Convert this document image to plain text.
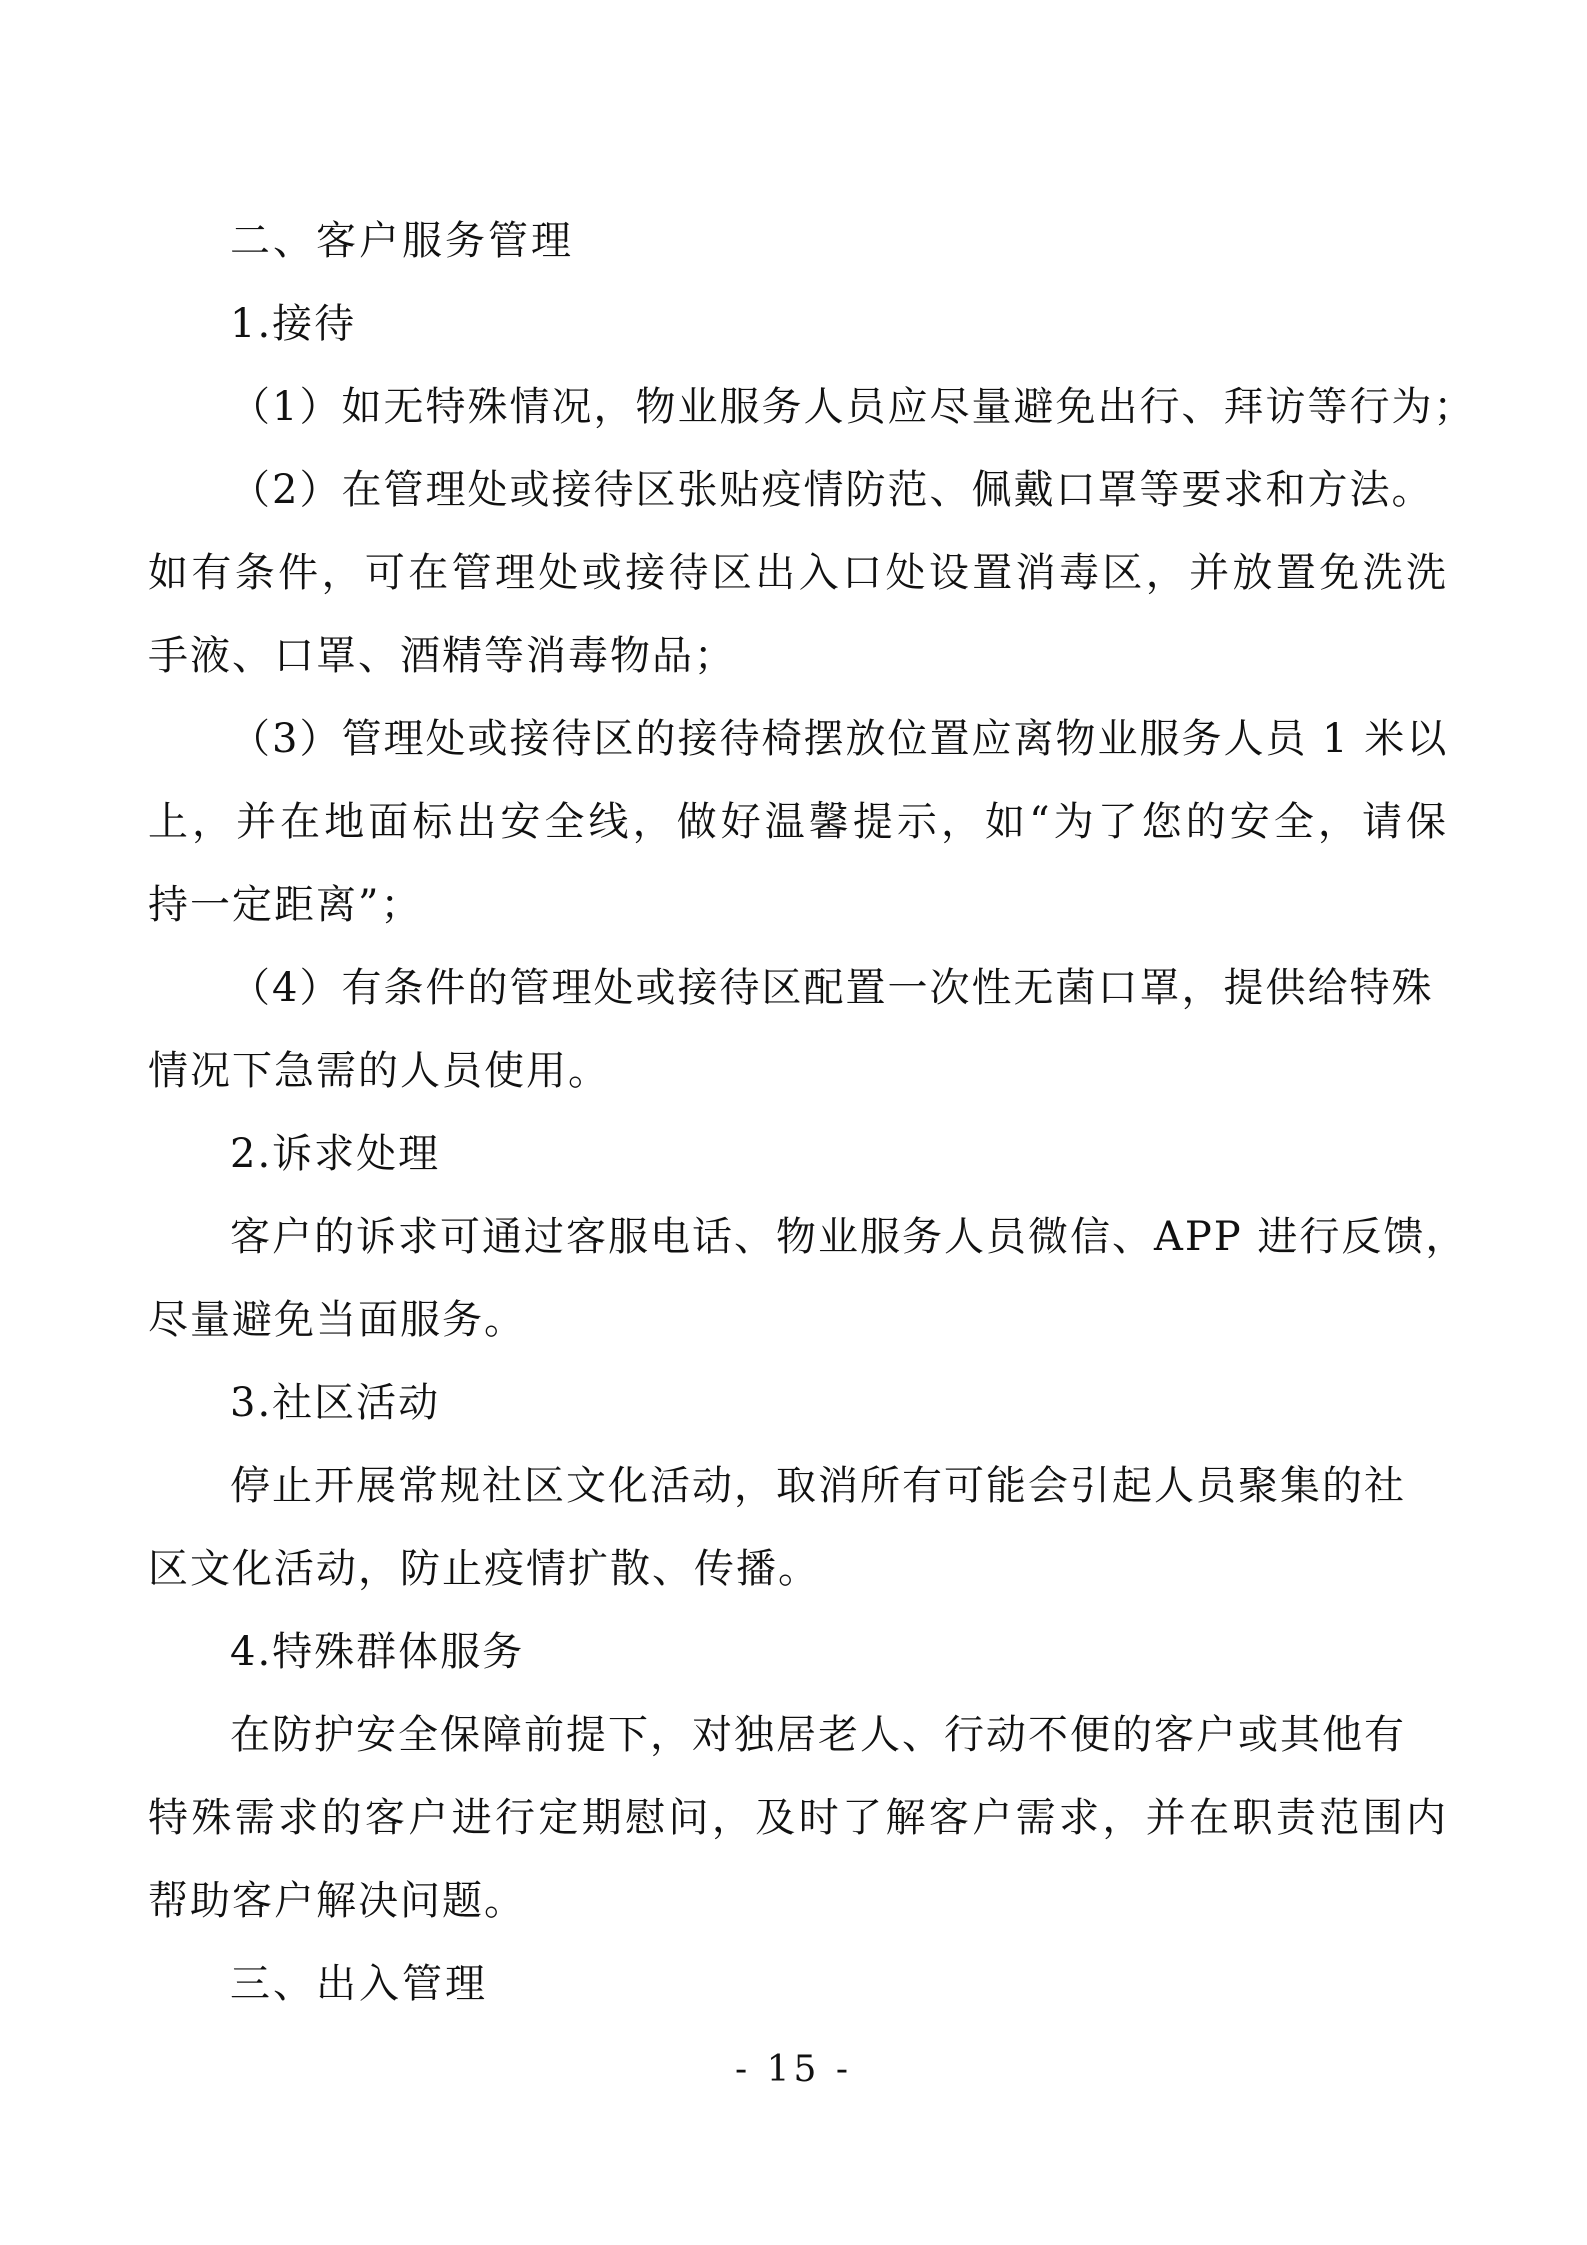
二、客户服务管理
1.接待
（1）如无特殊情况，物业服务人员应尽量避免出行、拜访等行为；
（2）在管理处或接待区张贴疫情防范、佩戴口罩等要求和方法。
如有条件，可在管理处或接待区出入口处设置消毒区，并放置免洗洗
手液、口罩、酒精等消毒物品；
（3）管理处或接待区的接待椅摆放位置应离物业服务人员 1 米以
上，并在地面标出安全线，做好温馨提示，如“为了您的安全，请保
持一定距离”；
（4）有条件的管理处或接待区配置一次性无菌口罩，提供给特殊
情况下急需的人员使用。
2.诉求处理
客户的诉求可通过客服电话、物业服务人员微信、APP 进行反馈，
尽量避免当面服务。
3.社区活动
停止开展常规社区文化活动，取消所有可能会引起人员聚集的社
区文化活动，防止疫情扩散、传播。
4.特殊群体服务
在防护安全保障前提下，对独居老人、行动不便的客户或其他有
特殊需求的客户进行定期慰问，及时了解客户需求，并在职责范围内
帮助客户解决问题。
三、出入管理
- 15 -
